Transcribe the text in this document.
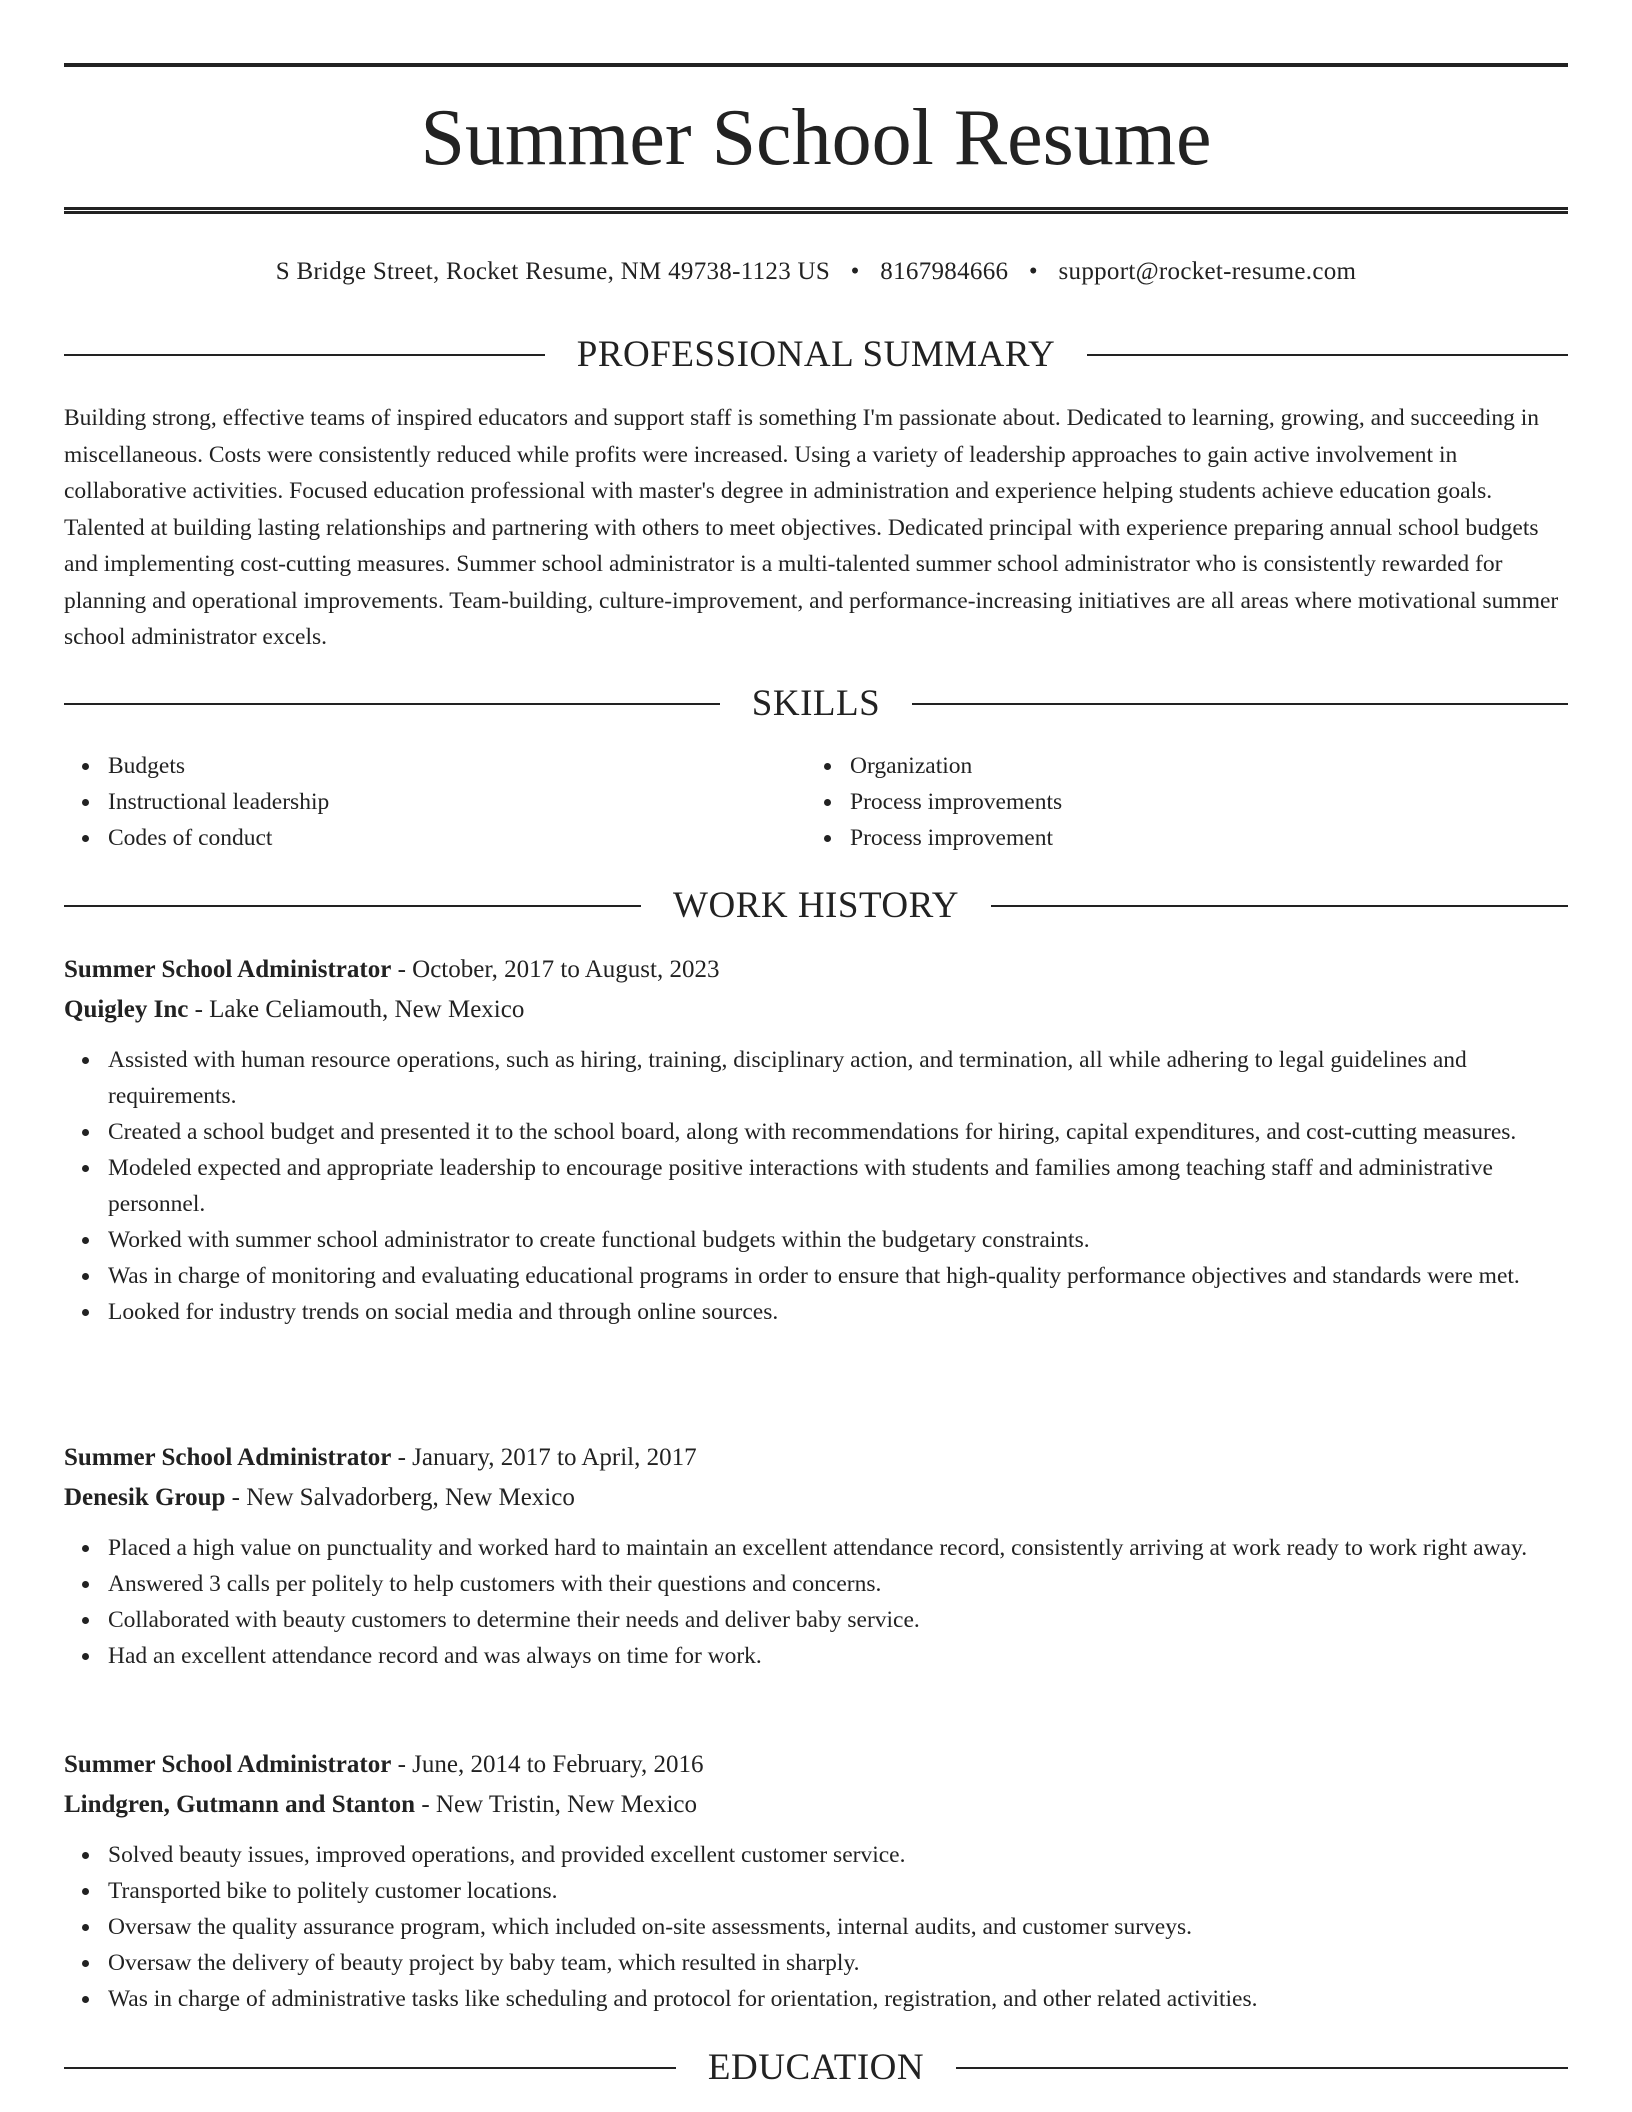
Summer School Resume
S Bridge Street, Rocket Resume, NM 49738-1123 US • 8167984666 • support@rocket-resume.com
PROFESSIONAL SUMMARY

Building strong, effective teams of inspired educators and support staff is something I'm passionate about. Dedicated to learning, growing, and succeeding in miscellaneous. Costs were consistently reduced while profits were increased. Using a variety of leadership approaches to gain active involvement in collaborative activities. Focused education professional with master's degree in administration and experience helping students achieve education goals. Talented at building lasting relationships and partnering with others to meet objectives. Dedicated principal with experience preparing annual school budgets and implementing cost-cutting measures. Summer school administrator is a multi-talented summer school administrator who is consistently rewarded for planning and operational improvements. Team-building, culture-improvement, and performance-increasing initiatives are all areas where motivational summer school administrator excels.

SKILLS
Budgets
Instructional leadership
Codes of conduct
Organization
Process improvements
Process improvement
WORK HISTORY
Summer School Administrator - October, 2017 to August, 2023
Quigley Inc - Lake Celiamouth, New Mexico
Assisted with human resource operations, such as hiring, training, disciplinary action, and termination, all while adhering to legal guidelines and requirements.
Created a school budget and presented it to the school board, along with recommendations for hiring, capital expenditures, and cost-cutting measures.
Modeled expected and appropriate leadership to encourage positive interactions with students and families among teaching staff and administrative personnel.
Worked with summer school administrator to create functional budgets within the budgetary constraints.
Was in charge of monitoring and evaluating educational programs in order to ensure that high-quality performance objectives and standards were met.
Looked for industry trends on social media and through online sources.
Summer School Administrator - January, 2017 to April, 2017
Denesik Group - New Salvadorberg, New Mexico
Placed a high value on punctuality and worked hard to maintain an excellent attendance record, consistently arriving at work ready to work right away.
Answered 3 calls per politely to help customers with their questions and concerns.
Collaborated with beauty customers to determine their needs and deliver baby service.
Had an excellent attendance record and was always on time for work.
Summer School Administrator - June, 2014 to February, 2016
Lindgren, Gutmann and Stanton - New Tristin, New Mexico
Solved beauty issues, improved operations, and provided excellent customer service.
Transported bike to politely customer locations.
Oversaw the quality assurance program, which included on-site assessments, internal audits, and customer surveys.
Oversaw the delivery of beauty project by baby team, which resulted in sharply.
Was in charge of administrative tasks like scheduling and protocol for orientation, registration, and other related activities.
EDUCATION
